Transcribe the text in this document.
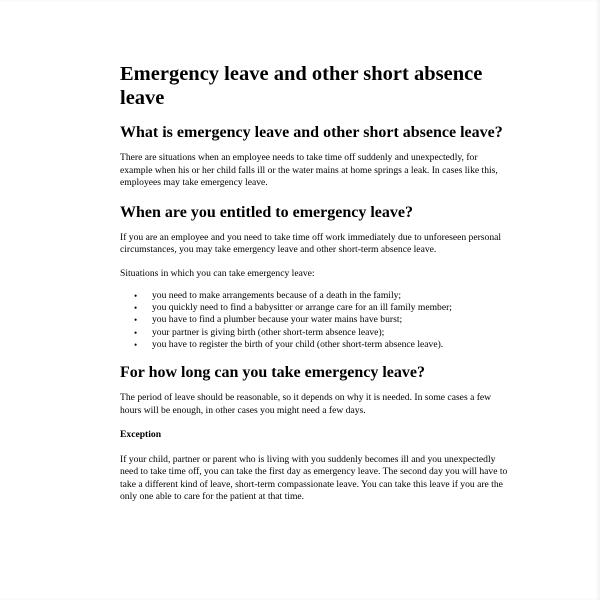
Emergency leave and other short absence leave
What is emergency leave and other short absence leave?

There are situations when an employee needs to take time off suddenly and unexpectedly, for example when his or her child falls ill or the water mains at home springs a leak. In cases like this, employees may take emergency leave.

When are you entitled to emergency leave?

If you are an employee and you need to take time off work immediately due to unforeseen personal circumstances, you may take emergency leave and other short-term absence leave.

Situations in which you can take emergency leave:

• you need to make arrangements because of a death in the family;
• you quickly need to find a babysitter or arrange care for an ill family member;
• you have to find a plumber because your water mains have burst;
• your partner is giving birth (other short-term absence leave);
• you have to register the birth of your child (other short-term absence leave).
For how long can you take emergency leave?

The period of leave should be reasonable, so it depends on why it is needed. In some cases a few hours will be enough, in other cases you might need a few days.

Exception

If your child, partner or parent who is living with you suddenly becomes ill and you unexpectedly need to take time off, you can take the first day as emergency leave. The second day you will have to take a different kind of leave, short-term compassionate leave. You can take this leave if you are the only one able to care for the patient at that time.
